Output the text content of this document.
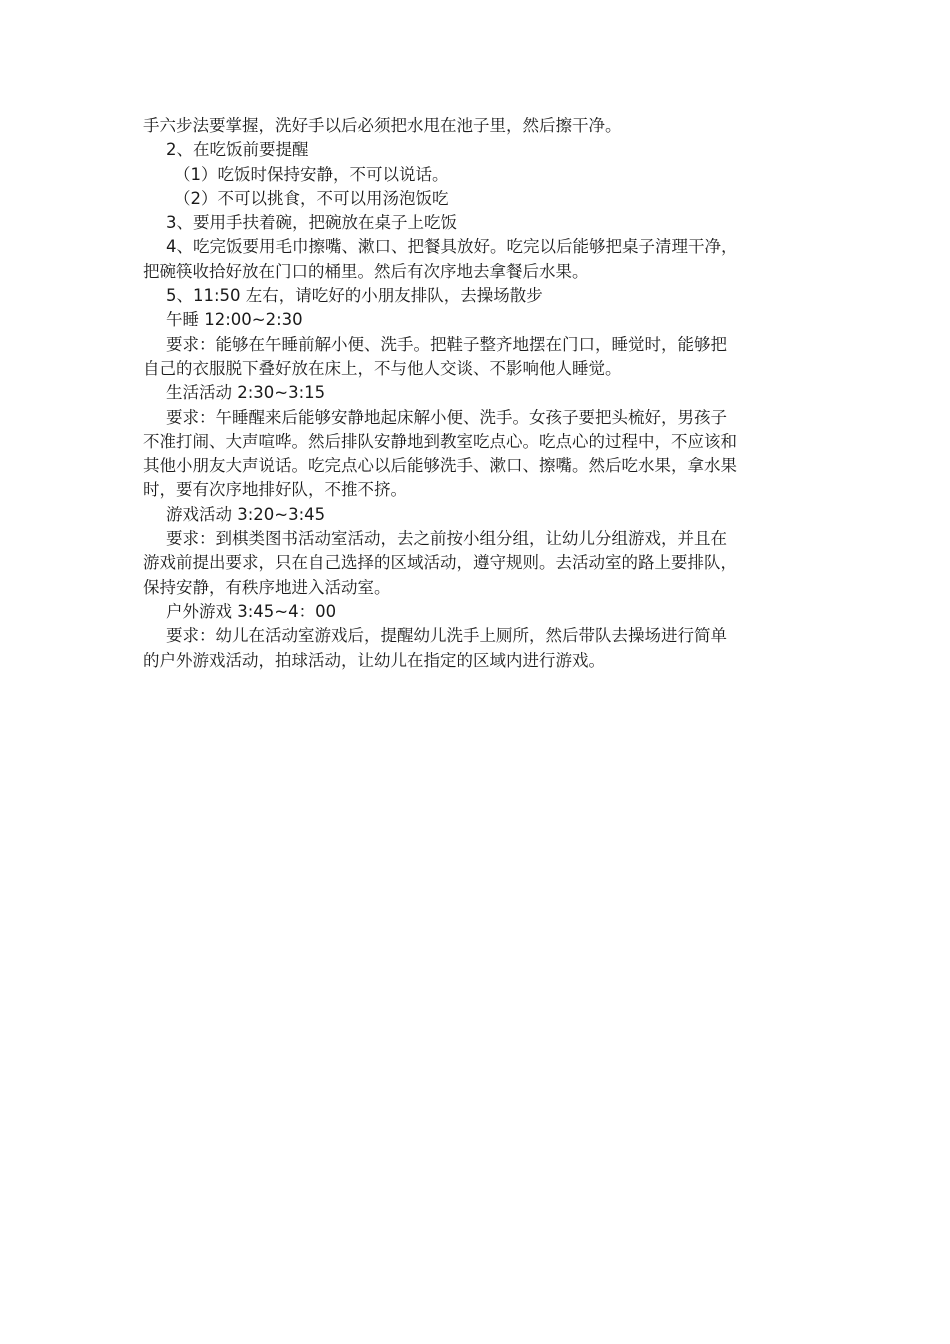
手六步法要掌握，洗好手以后必须把水甩在池子里，然后擦干净。
2、在吃饭前要提醒
（1）吃饭时保持安静，不可以说话。
（2）不可以挑食，不可以用汤泡饭吃
3、要用手扶着碗，把碗放在桌子上吃饭
4、吃完饭要用毛巾擦嘴、漱口、把餐具放好。吃完以后能够把桌子清理干净，
把碗筷收拾好放在门口的桶里。然后有次序地去拿餐后水果。
5、11:50 左右，请吃好的小朋友排队，去操场散步
午睡 12:00~2:30
要求：能够在午睡前解小便、洗手。把鞋子整齐地摆在门口，睡觉时，能够把
自己的衣服脱下叠好放在床上，不与他人交谈、不影响他人睡觉。
生活活动 2:30~3:15
要求：午睡醒来后能够安静地起床解小便、洗手。女孩子要把头梳好，男孩子
不准打闹、大声喧哗。然后排队安静地到教室吃点心。吃点心的过程中，不应该和
其他小朋友大声说话。吃完点心以后能够洗手、漱口、擦嘴。然后吃水果，拿水果
时，要有次序地排好队，不推不挤。
游戏活动 3:20~3:45
要求：到棋类图书活动室活动，去之前按小组分组，让幼儿分组游戏，并且在
游戏前提出要求，只在自己选择的区域活动，遵守规则。去活动室的路上要排队，
保持安静，有秩序地进入活动室。
户外游戏 3:45~4：00
要求：幼儿在活动室游戏后，提醒幼儿洗手上厕所，然后带队去操场进行简单
的户外游戏活动，拍球活动，让幼儿在指定的区域内进行游戏。
